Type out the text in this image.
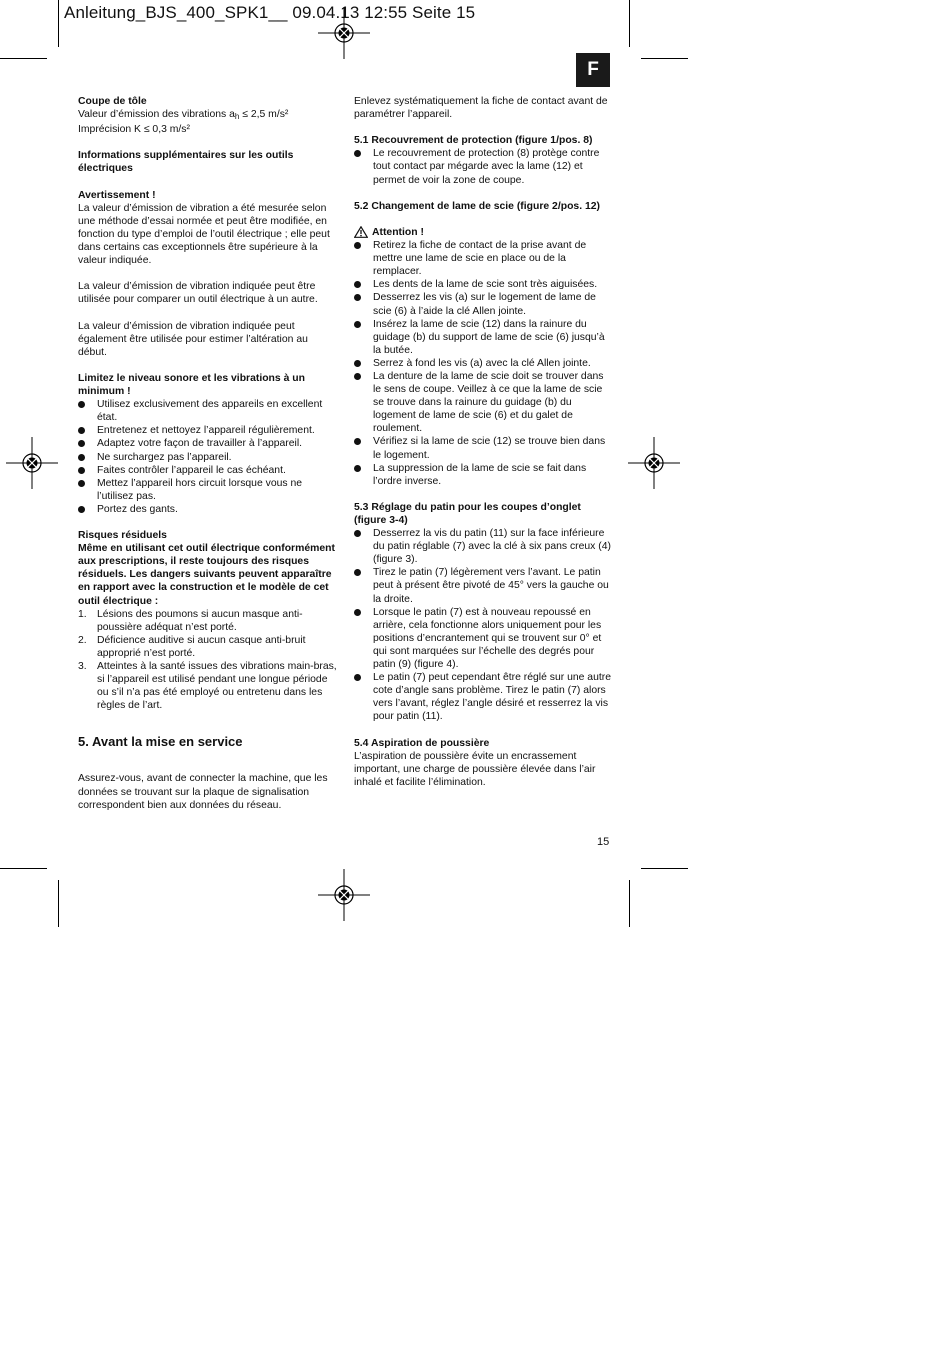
Anleitung_BJS_400_SPK1__ 09.04.13 12:55 Seite 15
F

Coupe de tôle

Valeur d’émission des vibrations $a_h \le 2,5$ m/s²

Imprécision K ≤ 0,3 m/s²

Informations supplémentaires sur les outils électriques

Avertissement !

La valeur d’émission de vibration a été mesurée selon une méthode d’essai normée et peut être modifiée, en fonction du type d’emploi de l’outil électrique ; elle peut dans certains cas exceptionnels être supérieure à la valeur indiquée.

La valeur d’émission de vibration indiquée peut être utilisée pour comparer un outil électrique à un autre.

La valeur d’émission de vibration indiquée peut également être utilisée pour estimer l’altération au début.

Limitez le niveau sonore et les vibrations à un minimum !

Utilisez exclusivement des appareils en excellent état.
Entretenez et nettoyez l’appareil régulièrement.
Adaptez votre façon de travailler à l’appareil.
Ne surchargez pas l’appareil.
Faites contrôler l’appareil le cas échéant.
Mettez l’appareil hors circuit lorsque vous ne l’utilisez pas.
Portez des gants.

Risques résiduels

Même en utilisant cet outil électrique conformément aux prescriptions, il reste toujours des risques résiduels. Les dangers suivants peuvent apparaître en rapport avec la construction et le modèle de cet outil électrique :

1. Lésions des poumons si aucun masque anti-poussière adéquat n’est porté.
2. Déficience auditive si aucun casque anti-bruit approprié n’est porté.
3. Atteintes à la santé issues des vibrations main-bras, si l’appareil est utilisé pendant une longue période ou s’il n’a pas été employé ou entretenu dans les règles de l’art.

5. Avant la mise en service

Assurez-vous, avant de connecter la machine, que les données se trouvant sur la plaque de signalisation correspondent bien aux données du réseau.

Enlevez systématiquement la fiche de contact avant de paramétrer l’appareil.

5.1 Recouvrement de protection (figure 1/pos. 8)

Le recouvrement de protection (8) protège contre tout contact par mégarde avec la lame (12) et permet de voir la zone de coupe.

5.2 Changement de lame de scie (figure 2/pos. 12)

Attention !
Retirez la fiche de contact de la prise avant de mettre une lame de scie en place ou de la remplacer.
Les dents de la lame de scie sont très aiguisées.
Desserrez les vis (a) sur le logement de lame de scie (6) à l’aide la clé Allen jointe.
Insérez la lame de scie (12) dans la rainure du guidage (b) du support de lame de scie (6) jusqu’à la butée.
Serrez à fond les vis (a) avec la clé Allen jointe.
La denture de la lame de scie doit se trouver dans le sens de coupe. Veillez à ce que la lame de scie se trouve dans la rainure du guidage (b) du logement de lame de scie (6) et du galet de roulement.
Vérifiez si la lame de scie (12) se trouve bien dans le logement.
La suppression de la lame de scie se fait dans l’ordre inverse.

5.3 Réglage du patin pour les coupes d’onglet (figure 3-4)

Desserrez la vis du patin (11) sur la face inférieure du patin réglable (7) avec la clé à six pans creux (4) (figure 3).
Tirez le patin (7) légèrement vers l’avant. Le patin peut à présent être pivoté de 45° vers la gauche ou la droite.
Lorsque le patin (7) est à nouveau repoussé en arrière, cela fonctionne alors uniquement pour les positions d’encrantement qui se trouvent sur 0° et qui sont marquées sur l’échelle des degrés pour patin (9) (figure 4).
Le patin (7) peut cependant être réglé sur une autre cote d’angle sans problème. Tirez le patin (7) alors vers l’avant, réglez l’angle désiré et resserrez la vis pour patin (11).

5.4 Aspiration de poussière

L’aspiration de poussière évite un encrassement important, une charge de poussière élevée dans l’air inhalé et facilite l’élimination.

15
